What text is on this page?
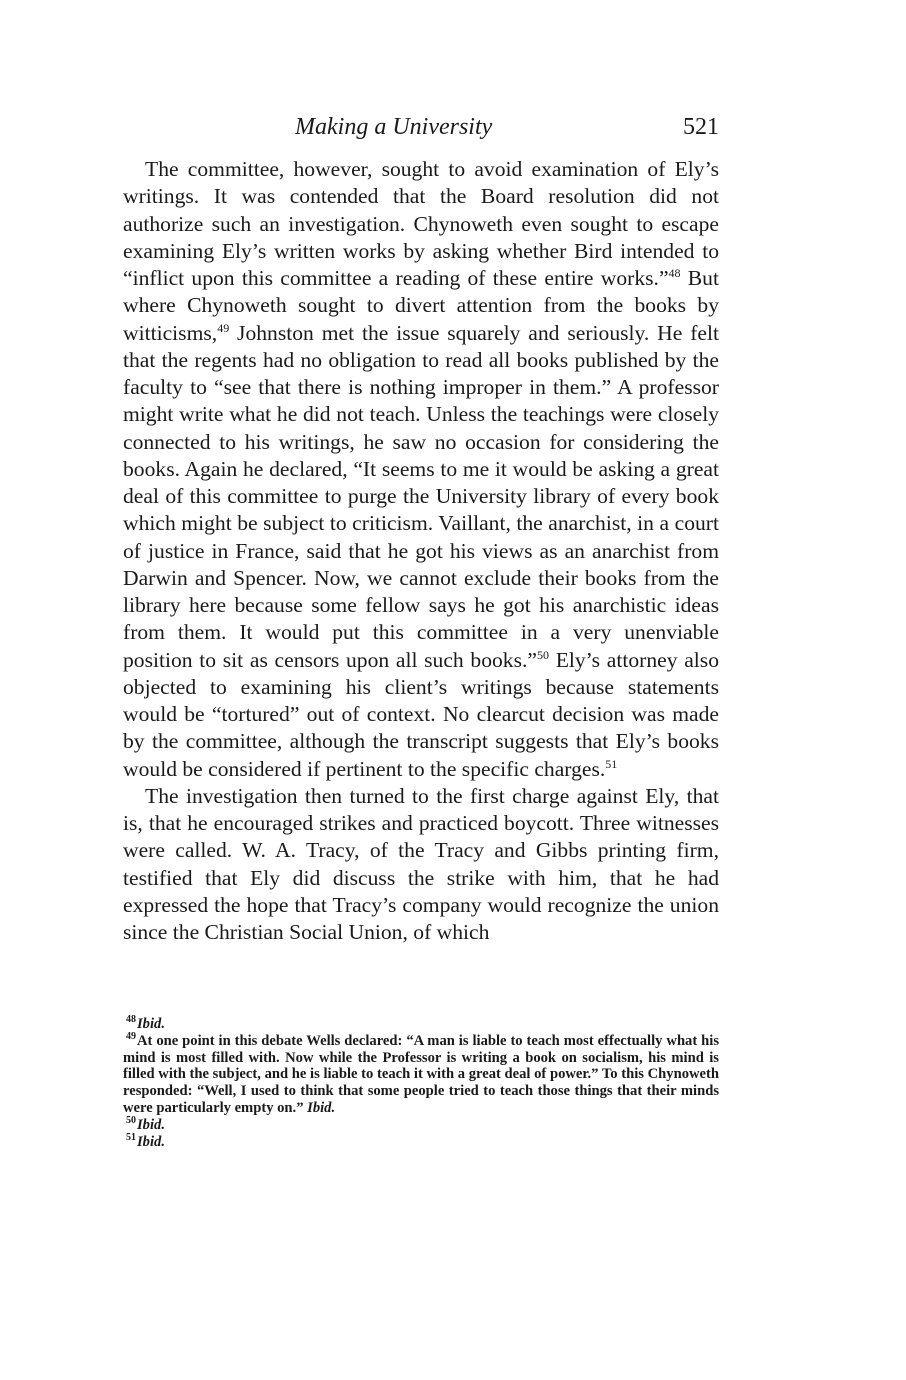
Making a University	521

The committee, however, sought to avoid examination of Ely’s writings. It was contended that the Board resolution did not authorize such an investigation. Chynoweth even sought to escape examining Ely’s written works by asking whether Bird intended to “inflict upon this committee a reading of these entire works.”$^{48}$ But where Chynoweth sought to divert attention from the books by witticisms,$^{49}$ Johnston met the issue squarely and seriously. He felt that the regents had no obligation to read all books published by the faculty to “see that there is nothing improper in them.” A professor might write what he did not teach. Unless the teachings were closely connected to his writings, he saw no occasion for considering the books. Again he declared, “It seems to me it would be asking a great deal of this committee to purge the University library of every book which might be subject to criticism. Vaillant, the anarchist, in a court of justice in France, said that he got his views as an anarchist from Darwin and Spencer. Now, we cannot exclude their books from the library here because some fellow says he got his anarchistic ideas from them. It would put this committee in a very unenviable position to sit as censors upon all such books.”$^{50}$ Ely’s attorney also objected to examining his client’s writings because statements would be “tortured” out of context. No clearcut decision was made by the committee, although the transcript suggests that Ely’s books would be considered if pertinent to the specific charges.$^{51}$

The investigation then turned to the first charge against Ely, that is, that he encouraged strikes and practiced boycott. Three witnesses were called. W. A. Tracy, of the Tracy and Gibbs printing firm, testified that Ely did discuss the strike with him, that he had expressed the hope that Tracy’s company would recognize the union since the Christian Social Union, of which

$^{48}$Ibid.

$^{49}$At one point in this debate Wells declared: “A man is liable to teach most effectually what his mind is most filled with. Now while the Professor is writing a book on socialism, his mind is filled with the subject, and he is liable to teach it with a great deal of power.” To this Chynoweth responded: “Well, I used to think that some people tried to teach those things that their minds were particularly empty on.” Ibid.

$^{50}$Ibid.

$^{51}$Ibid.
